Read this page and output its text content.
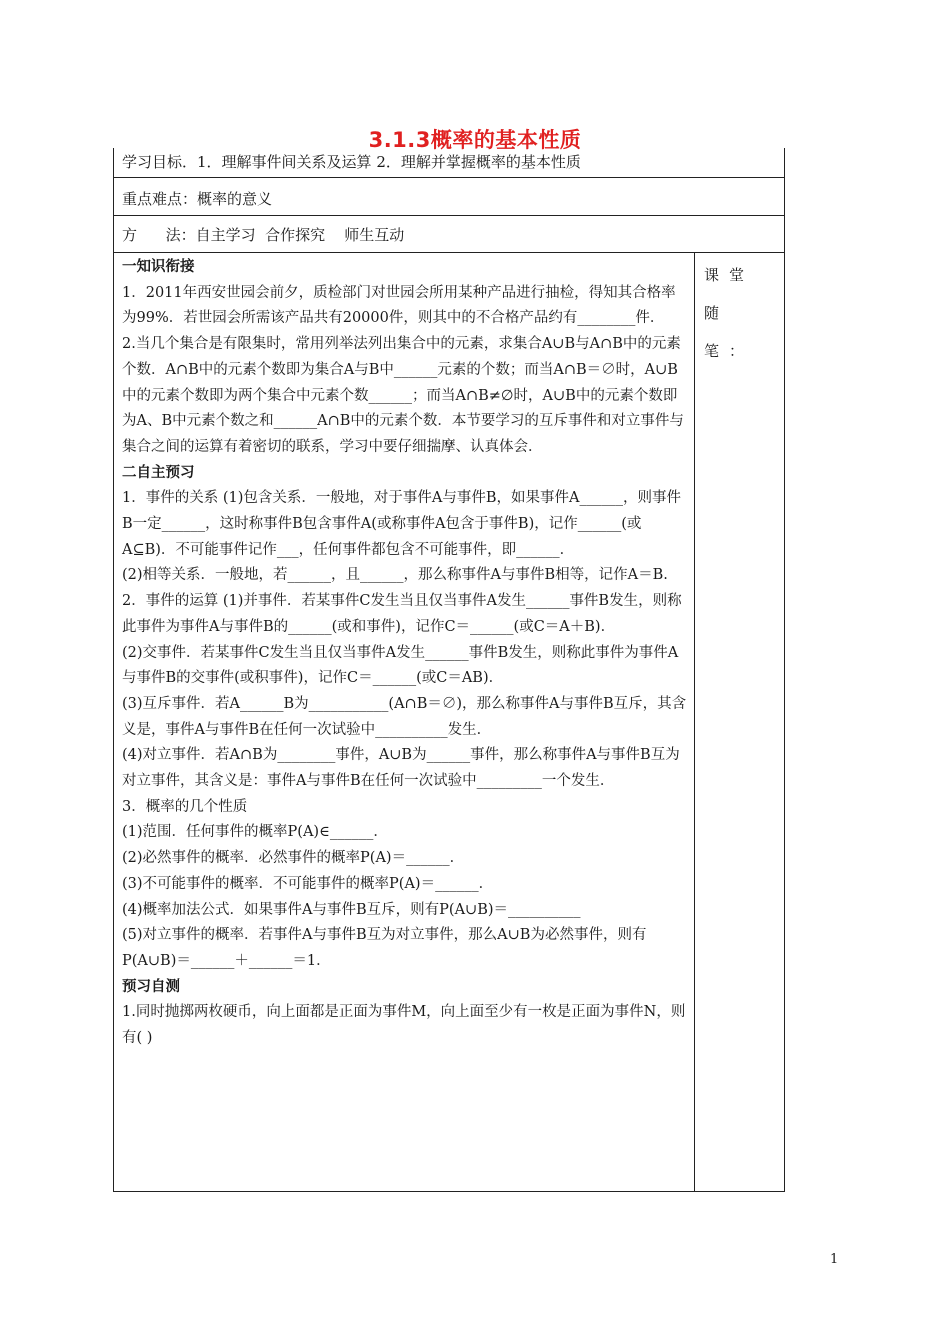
3.1.3概率的基本性质
学习目标．1．理解事件间关系及运算 2．理解并掌握概率的基本性质
重点难点：概率的意义
方      法：自主学习  合作探究    师生互动

一知识衔接

1．2011年西安世园会前夕，质检部门对世园会所用某种产品进行抽检，得知其合格率为99%．若世园会所需该产品共有20000件，则其中的不合格产品约有________件．

2.当几个集合是有限集时，常用列举法列出集合中的元素，求集合A∪B与A∩B中的元素个数．A∩B中的元素个数即为集合A与B中______元素的个数；而当A∩B＝∅时，A∪B中的元素个数即为两个集合中元素个数______；而当A∩B≠∅时，A∪B中的元素个数即为A、B中元素个数之和______A∩B中的元素个数．本节要学习的互斥事件和对立事件与集合之间的运算有着密切的联系，学习中要仔细揣摩、认真体会．

二自主预习

1．事件的关系 (1)包含关系．一般地，对于事件A与事件B，如果事件A______，则事件B一定______，这时称事件B包含事件A(或称事件A包含于事件B)，记作______(或A⊆B)．不可能事件记作___，任何事件都包含不可能事件，即______．

(2)相等关系．一般地，若______，且______，那么称事件A与事件B相等，记作A＝B.

2．事件的运算 (1)并事件．若某事件C发生当且仅当事件A发生______事件B发生，则称此事件为事件A与事件B的______(或和事件)，记作C＝______(或C＝A＋B)．

(2)交事件．若某事件C发生当且仅当事件A发生______事件B发生，则称此事件为事件A与事件B的交事件(或积事件)，记作C＝______(或C＝AB)．

(3)互斥事件．若A______B为___________(A∩B＝∅)，那么称事件A与事件B互斥，其含义是，事件A与事件B在任何一次试验中__________发生．

(4)对立事件．若A∩B为________事件，A∪B为______事件，那么称事件A与事件B互为对立事件，其含义是：事件A与事件B在任何一次试验中_________一个发生．

3．概率的几个性质

(1)范围．任何事件的概率P(A)∈______．

(2)必然事件的概率．必然事件的概率P(A)＝______．

(3)不可能事件的概率．不可能事件的概率P(A)＝______．

(4)概率加法公式．如果事件A与事件B互斥，则有P(A∪B)＝__________

(5)对立事件的概率．若事件A与事件B互为对立事件，那么A∪B为必然事件，则有P(A∪B)＝______＋______＝1．

预习自测

1.同时抛掷两枚硬币，向上面都是正面为事件M，向上面至少有一枚是正面为事件N，则有( )

课堂随笔：
1
